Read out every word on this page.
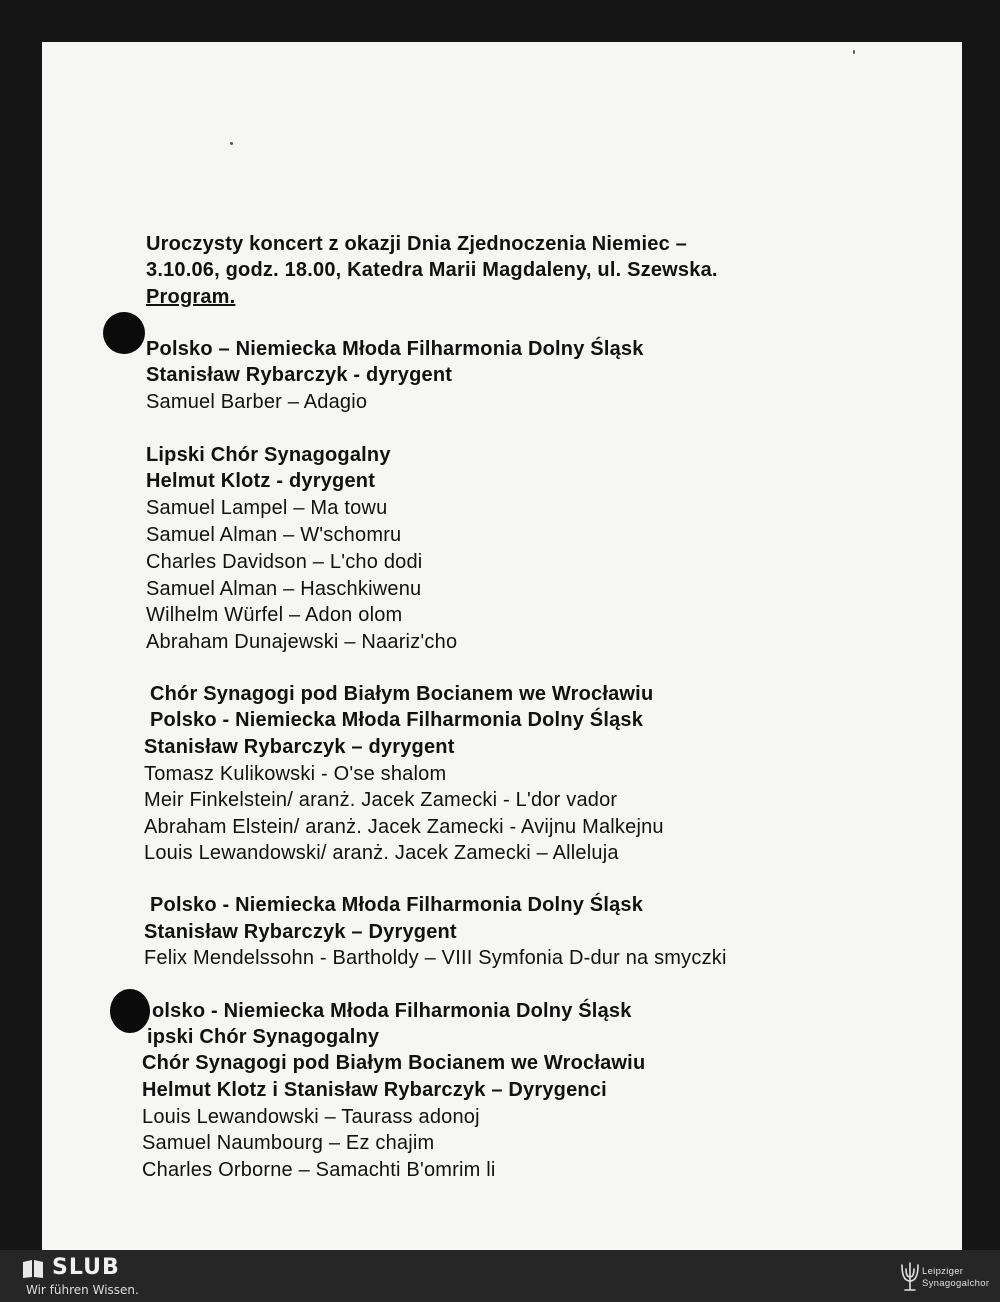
Uroczysty koncert z okazji Dnia Zjednoczenia Niemiec –
3.10.06, godz. 18.00, Katedra Marii Magdaleny, ul. Szewska.
Program.
Polsko – Niemiecka Młoda Filharmonia Dolny Śląsk
Stanisław Rybarczyk - dyrygent
Samuel Barber – Adagio
Lipski Chór Synagogalny
Helmut Klotz - dyrygent
Samuel Lampel – Ma towu
Samuel Alman – W'schomru
Charles Davidson – L'cho dodi
Samuel Alman – Haschkiwenu
Wilhelm Würfel – Adon olom
Abraham Dunajewski – Naariz'cho
Chór Synagogi pod Białym Bocianem we Wrocławiu
Polsko - Niemiecka Młoda Filharmonia Dolny Śląsk
Stanisław Rybarczyk – dyrygent
Tomasz Kulikowski - O'se shalom
Meir Finkelstein/ aranż. Jacek Zamecki - L'dor vador
Abraham Elstein/ aranż. Jacek Zamecki - Avijnu Malkejnu
Louis Lewandowski/ aranż. Jacek Zamecki – Alleluja
Polsko - Niemiecka Młoda Filharmonia Dolny Śląsk
Stanisław Rybarczyk – Dyrygent
Felix Mendelssohn - Bartholdy – VIII Symfonia D-dur na smyczki
olsko - Niemiecka Młoda Filharmonia Dolny Śląsk
ipski Chór Synagogalny
Chór Synagogi pod Białym Bocianem we Wrocławiu
Helmut Klotz i Stanisław Rybarczyk – Dyrygenci
Louis Lewandowski – Taurass adonoj
Samuel Naumbourg – Ez chajim
Charles Orborne – Samachti B'omrim li
SLUB
Wir führen Wissen.
Leipziger
Synagogalchor
